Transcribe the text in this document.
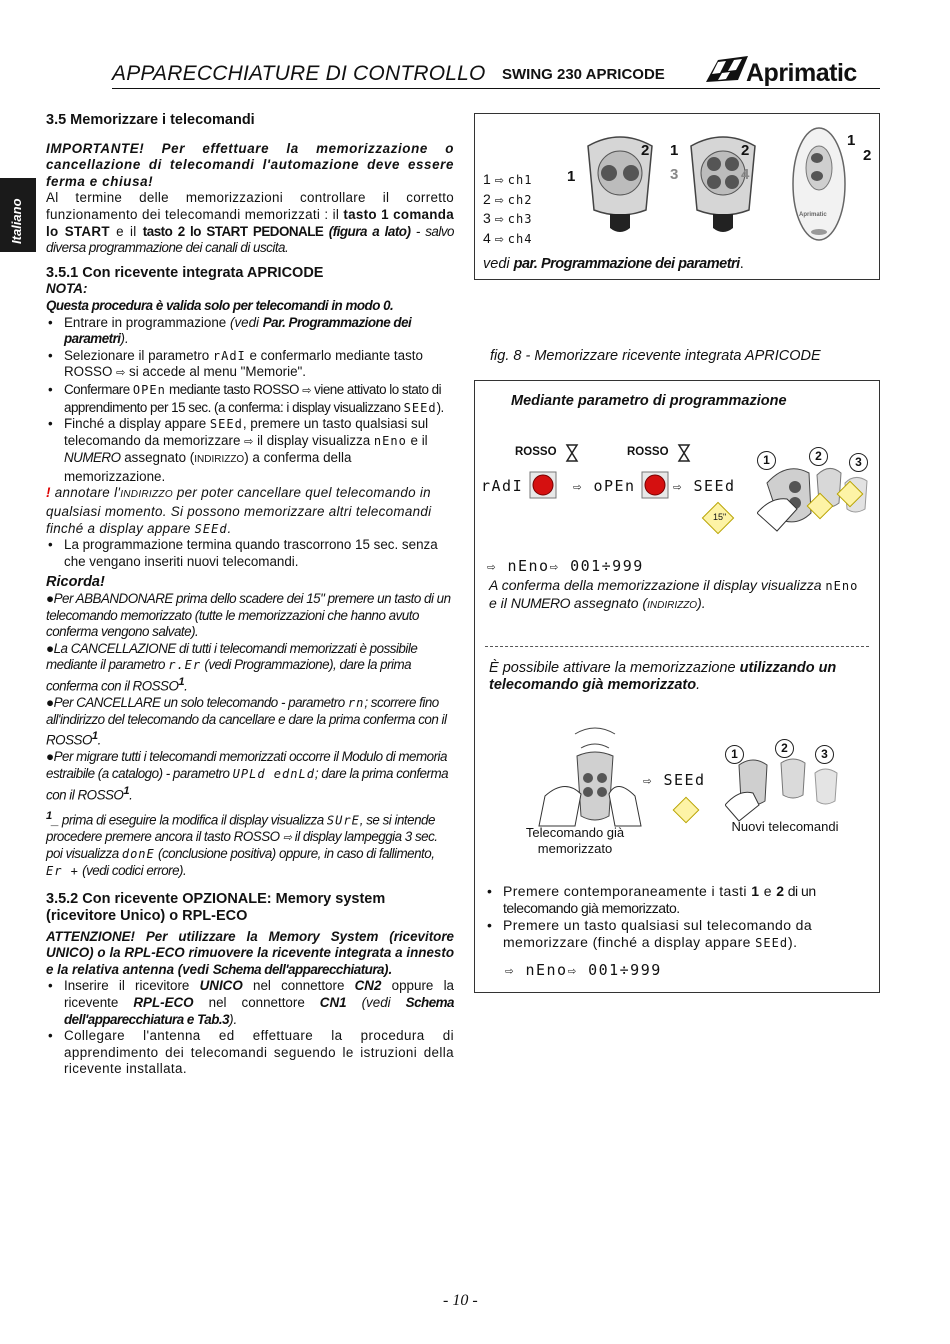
APPARECCHIATURE DI CONTROLLO SWING 230 APRICODE	Aprimatic
Italiano

3.5 Memorizzare i telecomandi

IMPORTANTE! Per effettuare la memorizzazione o cancellazione di telecomandi l'automazione deve essere ferma e chiusa!

Al termine delle memorizzazioni controllare il corretto funzionamento dei telecomandi memorizzati : il tasto 1 comanda lo START e il tasto 2 lo START PEDONALE (figura a lato) - salvo diversa programmazione dei canali di uscita.

3.5.1 Con ricevente integrata APRICODE

NOTA:

Questa procedura è valida solo per telecomandi in modo 0.

• Entrare in programmazione (vedi Par. Programmazione dei parametri).

• Selezionare il parametro rAdI e confermarlo mediante tasto ROSSO ⇨ si accede al menu "Memorie".

• Confermare OPEn mediante tasto ROSSO ⇨ viene attivato lo stato di apprendimento per 15 sec. (a conferma: i display visualizzano SEEd).

• Finché a display appare SEEd, premere un tasto qualsiasi sul telecomando da memorizzare ⇨ il display visualizza nEno e il NUMERO assegnato (INDIRIZZO) a conferma della memorizzazione.

! annotare l'INDIRIZZO per poter cancellare quel telecomando in qualsiasi momento. Si possono memorizzare altri telecomandi finché a display appare SEEd.

• La programmazione termina quando trascorrono 15 sec. senza che vengano inseriti nuovi telecomandi.

Ricorda!

●Per ABBANDONARE prima dello scadere dei 15" premere un tasto di un telecomando memorizzato (tutte le memorizzazioni che hanno avuto conferma vengono salvate).

●La CANCELLAZIONE di tutti i telecomandi memorizzati è possibile mediante il parametro r.Er (vedi Programmazione), dare la prima conferma con il ROSSO$^1$.

●Per CANCELLARE un solo telecomando - parametro rn; scorrere fino all'indirizzo del telecomando da cancellare e dare la prima conferma con il ROSSO$^1$.

●Per migrare tutti i telecomandi memorizzati occorre il Modulo di memoria estraibile (a catalogo) - parametro UPLd ednLd; dare la prima conferma con il ROSSO$^1$.

$^1$_ prima di eseguire la modifica il display visualizza SUrE, se si intende procedere premere ancora il tasto ROSSO ⇨ il display lampeggia 3 sec. poi visualizza donE (conclusione positiva) oppure, in caso di fallimento, Er + (vedi codici errore).

3.5.2 Con ricevente OPZIONALE: Memory system (ricevitore Unico) o RPL-ECO

ATTENZIONE! Per utilizzare la Memory System (ricevitore UNICO) o la RPL-ECO rimuovere la ricevente integrata a innesto e la relativa antenna (vedi Schema dell'apparecchiatura).

• Inserire il ricevitore UNICO nel connettore CN2 oppure la ricevente RPL-ECO nel connettore CN1 (vedi Schema dell'apparecchiatura e Tab.3).

• Collegare l'antenna ed effettuare la procedura di apprendimento dei telecomandi seguendo le istruzioni della ricevente installata.

1 ⇨ ch1
2 ⇨ ch2
3 ⇨ ch3
4 ⇨ ch4
Aprimatic
1
2 1	2
3	4
1
2
vedi par. Programmazione dei parametri.
fig. 8 - Memorizzare ricevente integrata APRICODE
Mediante parametro di programmazione
ROSSO	ROSSO
rAdI	⇨ oPEn	⇨ SEEd
15"
1	2	3
⇨ nEno⇨ 001÷999
A conferma della memorizzazione il display visualizza nEno e il NUMERO assegnato (INDIRIZZO).
È possibile attivare la memorizzazione utilizzando un telecomando già memorizzato.
⇨ SEEd
1	2	3
Telecomando già memorizzato
Nuovi telecomandi

• Premere contemporaneamente i tasti 1 e 2 di un telecomando già memorizzato.

• Premere un tasto qualsiasi sul telecomando da memorizzare (finché a display appare SEEd).

⇨ nEno⇨ 001÷999
- 10 -
